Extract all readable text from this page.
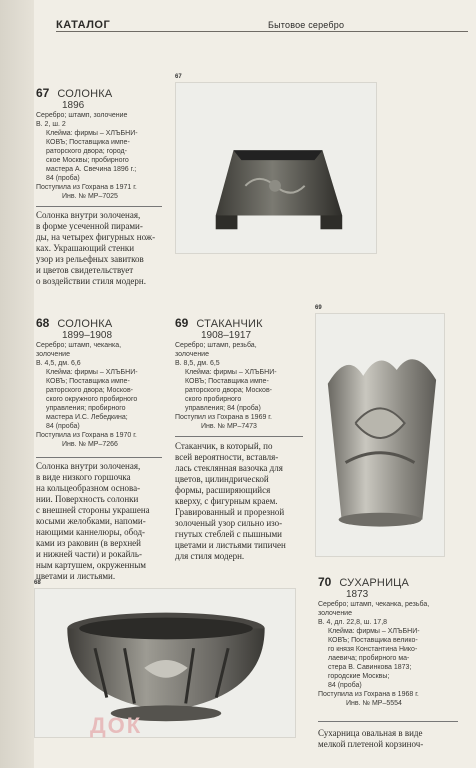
КАТАЛОГ	Бытовое серебро
67 СОЛОНКА
1896
Серебро; штамп, золочение
В. 2, ш. 2
Клейма: фирмы – ХЛЪБНИ-
КОВЪ; Поставщика импе-
раторского двора; город-
ское Москвы; пробирного
мастера А. Свечина 1896 г.;
84 (проба)
Поступила из Гохрана в 1971 г.
Инв. № МР–7025
Солонка внутри золоченая,
в форме усеченной пирами-
ды, на четырех фигурных нож-
ках. Украшающий стенки
узор из рельефных завитков
и цветов свидетельствует
о воздействии стиля модерн.
67
68 СОЛОНКА
1899–1908
Серебро; штамп, чеканка,
золочение
В. 4,5, дм. 6,6
Клейма: фирмы – ХЛЪБНИ-
КОВЪ; Поставщика импе-
раторского двора; Москов-
ского окружного пробирного
управления; пробирного
мастера И.С. Лебедкина;
84 (проба)
Поступила из Гохрана в 1970 г.
Инв. № МР–7266
Солонка внутри золоченая,
в виде низкого горшочка
на кольцеобразном основа-
нии. Поверхность солонки
с внешней стороны украшена
косыми желобками, напоми-
нающими каннелюры, обод-
ками из раковин (в верхней
и нижней части) и рокайль-
ным картушем, окруженным
цветами и листьями.
69 СТАКАНЧИК
1908–1917
Серебро; штамп, резьба,
золочение
В. 8,5, дм. 6,5
Клейма: фирмы – ХЛЪБНИ-
КОВЪ; Поставщика импе-
раторского двора; Москов-
ского пробирного
управления; 84 (проба)
Поступил из Гохрана в 1969 г.
Инв. № МР–7473
Стаканчик, в который, по
всей вероятности, вставля-
лась стеклянная вазочка для
цветов, цилиндрической
формы, расширяющийся
кверху, с фигурным краем.
Гравированный и прорезной
золоченый узор сильно изо-
гнутых стеблей с пышными
цветами и листьями типичен
для стиля модерн.
69
68	70 СУХАРНИЦА
1873
Серебро; штамп, чеканка, резьба,
золочение
В. 4, дл. 22,8, ш. 17,8
Клейма: фирмы – ХЛЪБНИ-
КОВЪ; Поставщика велико-
го князя Константина Нико-
лаевича; пробирного ма-
стера В. Савинкова 1873;
городские Москвы;
84 (проба)
Поступила из Гохрана в 1968 г.
Инв. № МР–5554
Сухарница овальная в виде
мелкой плетеной корзиноч-
ДОК
